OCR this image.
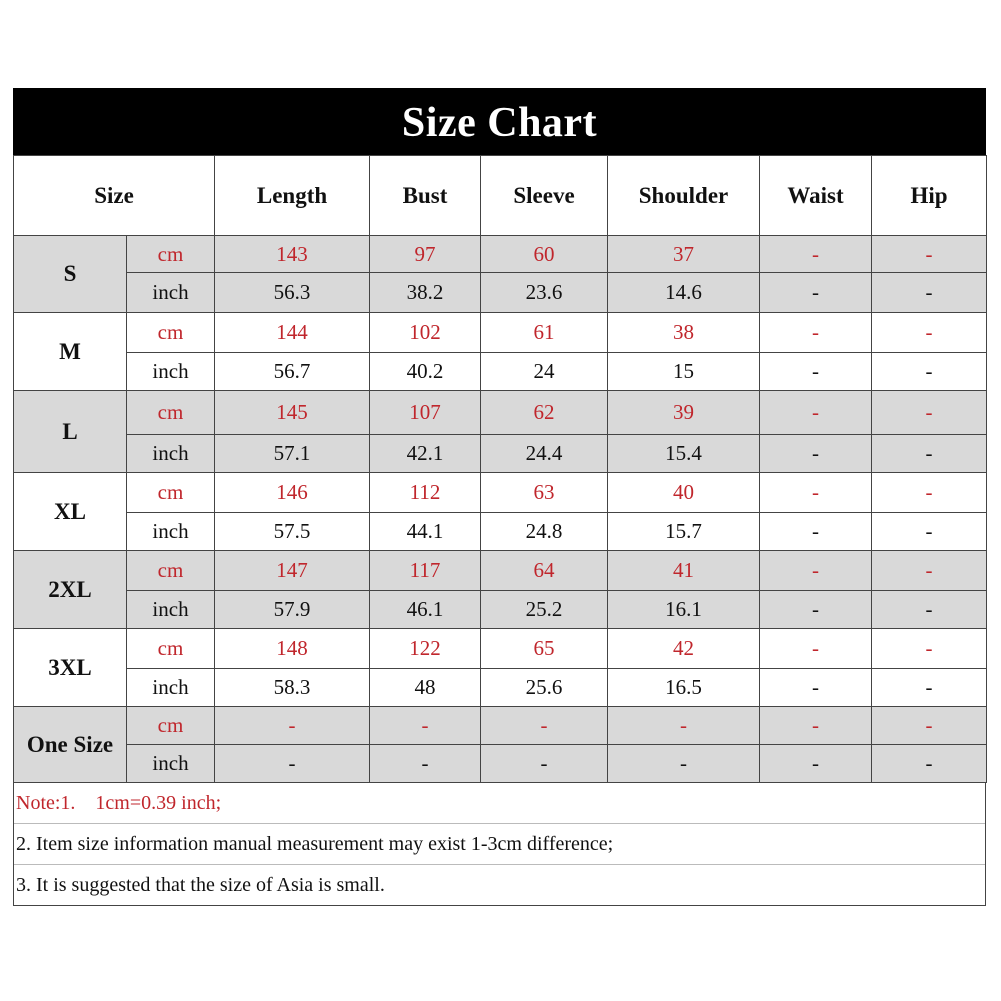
Size Chart
Size		Length	Bust	Sleeve	Shoulder	Waist	Hip
S	cm	143	97	60	37	-	-
	inch	56.3	38.2	23.6	14.6	-	-
M	cm	144	102	61	38	-	-
	inch	56.7	40.2	24	15	-	-
L	cm	145	107	62	39	-	-
	inch	57.1	42.1	24.4	15.4	-	-
XL	cm	146	112	63	40	-	-
	inch	57.5	44.1	24.8	15.7	-	-
2XL	cm	147	117	64	41	-	-
	inch	57.9	46.1	25.2	16.1	-	-
3XL	cm	148	122	65	42	-	-
	inch	58.3	48	25.6	16.5	-	-
One Size	cm	-	-	-	-	-	-
	inch	-	-	-	-	-	-
Note:1.    1cm=0.39 inch;
2. Item size information manual measurement may exist 1-3cm difference;
3. It is suggested that the size of Asia is small.
